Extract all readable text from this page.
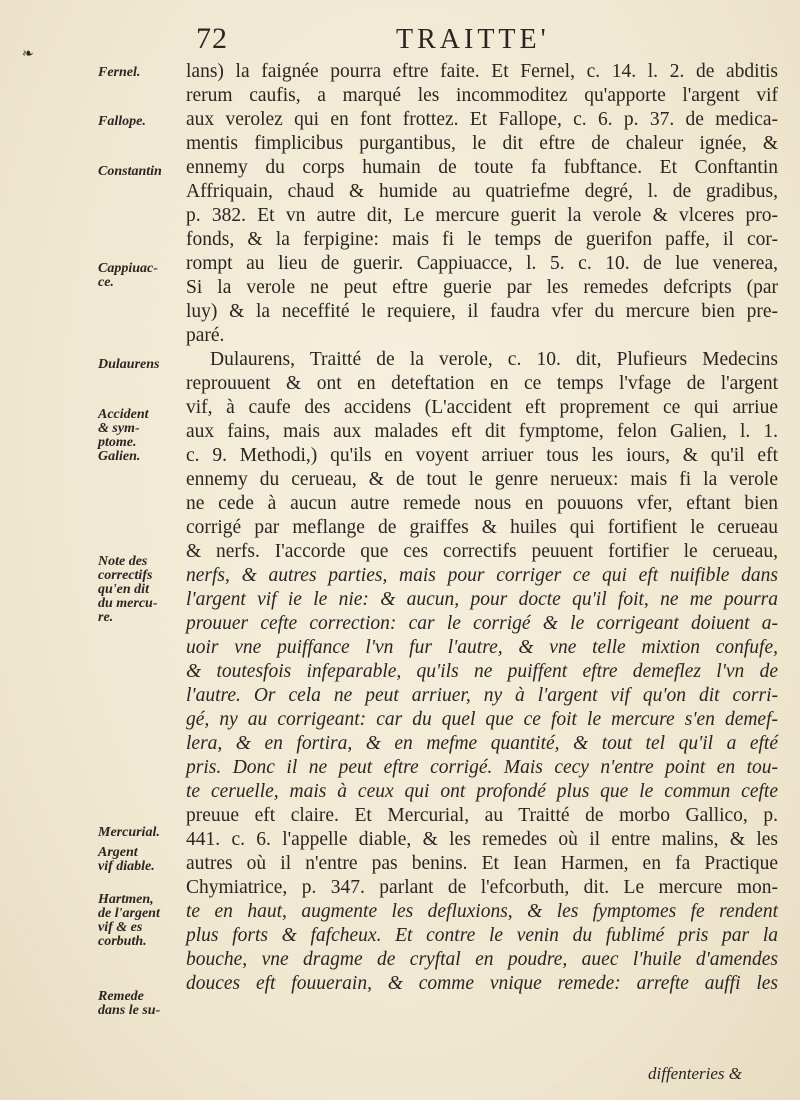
❧	72	TRAITTE'
Fernel.
Fallope.
Constantin
Cappiuac-
ce.
Dulaurens
Accident
& sym-
ptome.
Galien.
Note des
correctifs
qu'en dit
du mercu-
re.
Mercurial.
Argent
vif diable.
Hartmen,
de l'argent
vif & es
corbuth.
Remede
dans le su-
lans) la faignée pourra eftre faite. Et Fernel, c. 14. l. 2. de abditis
rerum caufis, a marqué les incommoditez qu'apporte l'argent vif
aux verolez qui en font frottez. Et Fallope, c. 6. p. 37. de medica-
mentis fimplicibus purgantibus, le dit eftre de chaleur ignée, &
ennemy du corps humain de toute fa fubftance. Et Conftantin
Affriquain, chaud & humide au quatriefme degré, l. de gradibus,
p. 382. Et vn autre dit, Le mercure guerit la verole & vlceres pro-
fonds, & la ferpigine: mais fi le temps de guerifon paffe, il cor-
rompt au lieu de guerir. Cappiuacce, l. 5. c. 10. de lue venerea,
Si la verole ne peut eftre guerie par les remedes defcripts (par
luy) & la neceffité le requiere, il faudra vfer du mercure bien pre-
paré.
Dulaurens, Traitté de la verole, c. 10. dit, Plufieurs Medecins
reprouuent & ont en deteftation en ce temps l'vfage de l'argent
vif, à caufe des accidens (L'accident eft proprement ce qui arriue
aux fains, mais aux malades eft dit fymptome, felon Galien, l. 1.
c. 9. Methodi,) qu'ils en voyent arriuer tous les iours, & qu'il eft
ennemy du cerueau, & de tout le genre nerueux: mais fi la verole
ne cede à aucun autre remede nous en pouuons vfer, eftant bien
corrigé par meflange de graiffes & huiles qui fortifient le cerueau
& nerfs. I'accorde que ces correctifs peuuent fortifier le cerueau,
nerfs, & autres parties, mais pour corriger ce qui eft nuifible dans
l'argent vif ie le nie: & aucun, pour docte qu'il foit, ne me pourra
prouuer cefte correction: car le corrigé & le corrigeant doiuent a-
uoir vne puiffance l'vn fur l'autre, & vne telle mixtion confufe,
& toutesfois infeparable, qu'ils ne puiffent eftre demeflez l'vn de
l'autre. Or cela ne peut arriuer, ny à l'argent vif qu'on dit corri-
gé, ny au corrigeant: car du quel que ce foit le mercure s'en demef-
lera, & en fortira, & en mefme quantité, & tout tel qu'il a efté
pris. Donc il ne peut eftre corrigé. Mais cecy n'entre point en tou-
te ceruelle, mais à ceux qui ont profondé plus que le commun cefte
preuue eft claire. Et Mercurial, au Traitté de morbo Gallico, p.
441. c. 6. l'appelle diable, & les remedes où il entre malins, & les
autres où il n'entre pas benins. Et Iean Harmen, en fa Practique
Chymiatrice, p. 347. parlant de l'efcorbuth, dit. Le mercure mon-
te en haut, augmente les defluxions, & les fymptomes fe rendent
plus forts & fafcheux. Et contre le venin du fublimé pris par la
bouche, vne dragme de cryftal en poudre, auec l'huile d'amendes
douces eft fouuerain, & comme vnique remede: arrefte auffi les
diffenteries &
